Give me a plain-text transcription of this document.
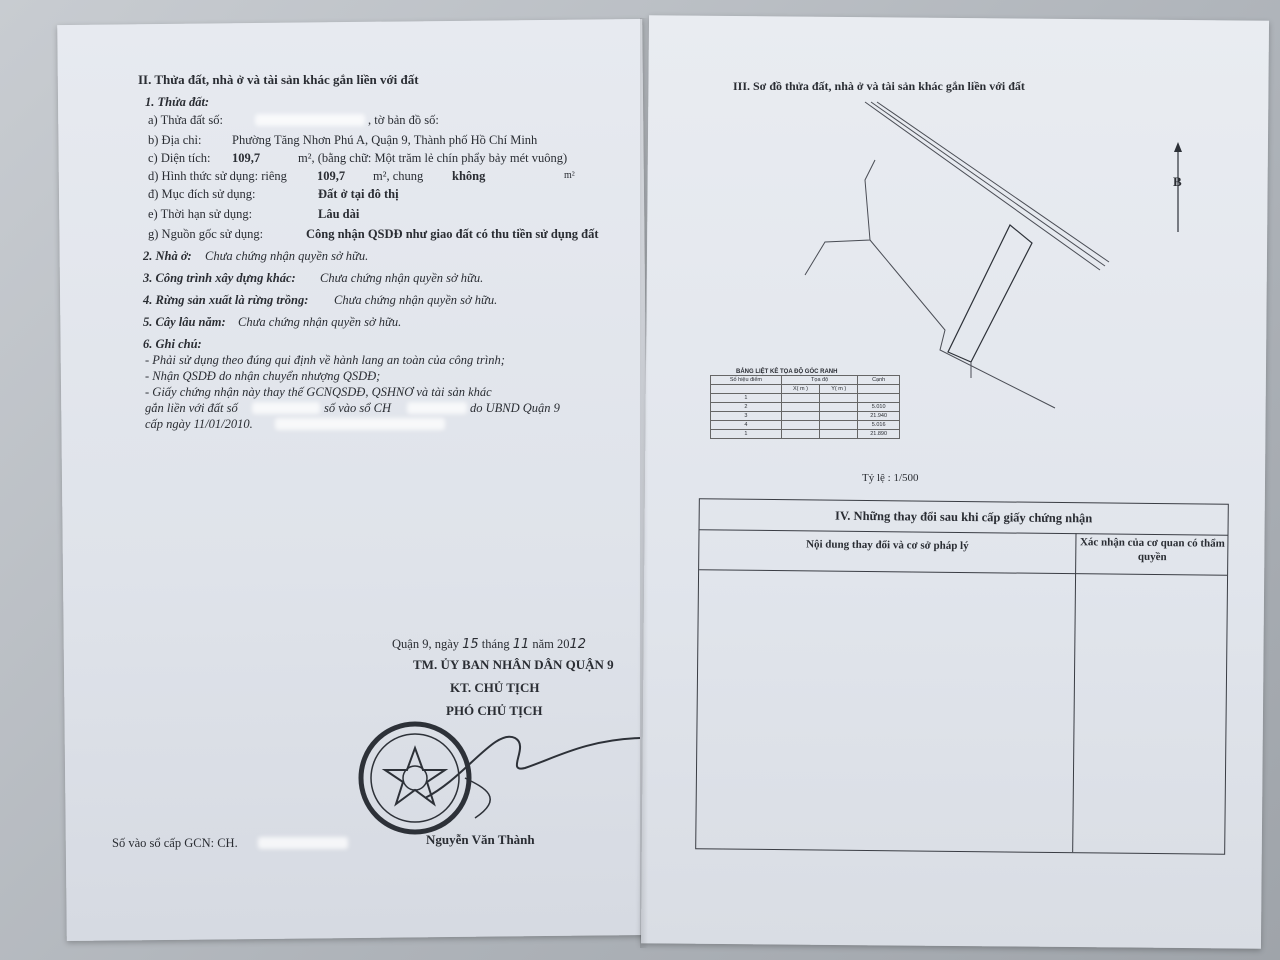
II. Thửa đất, nhà ở và tài sản khác gắn liền với đất
1. Thửa đất:
a) Thửa đất số:	, tờ bản đồ số:
b) Địa chỉ: Phường Tăng Nhơn Phú A, Quận 9, Thành phố Hồ Chí Minh
c) Diện tích: 109,7	m², (bằng chữ: Một trăm lẻ chín phẩy bảy mét vuông)
d) Hình thức sử dụng: riêng 109,7 m², chung không	m²
đ) Mục đích sử dụng:	Đất ở tại đô thị
e) Thời hạn sử dụng:	Lâu dài
g) Nguồn gốc sử dụng:	Công nhận QSDĐ như giao đất có thu tiền sử dụng đất
2. Nhà ở: Chưa chứng nhận quyền sở hữu.
3. Công trình xây dựng khác: Chưa chứng nhận quyền sở hữu.
4. Rừng sản xuất là rừng trồng: Chưa chứng nhận quyền sở hữu.
5. Cây lâu năm: Chưa chứng nhận quyền sở hữu.
6. Ghi chú:
- Phải sử dụng theo đúng qui định về hành lang an toàn của công trình;
- Nhận QSDĐ do nhận chuyển nhượng QSDĐ;
- Giấy chứng nhận này thay thế GCNQSDĐ, QSHNƠ và tài sản khác
gắn liền với đất số	số vào sổ CH	do UBND Quận 9
cấp ngày 11/01/2010.
Quận 9, ngày 15 tháng 11 năm 2012
TM. ỦY BAN NHÂN DÂN QUẬN 9
KT. CHỦ TỊCH
PHÓ CHỦ TỊCH
Nguyễn Văn Thành
Số vào sổ cấp GCN: CH.
III. Sơ đồ thửa đất, nhà ở và tài sản khác gắn liền với đất
B
BẢNG LIỆT KÊ TỌA ĐỘ GÓC RANH
Số hiệu điểm	Tọa độ		Cạnh
	X( m )	Y( m )	
1			
2			5.010
3			21.940
4			5.016
1			21.890
Tỷ lệ : 1/500
IV. Những thay đổi sau khi cấp giấy chứng nhận
Nội dung thay đổi và cơ sở pháp lý	Xác nhận của cơ quan có thẩm quyền
